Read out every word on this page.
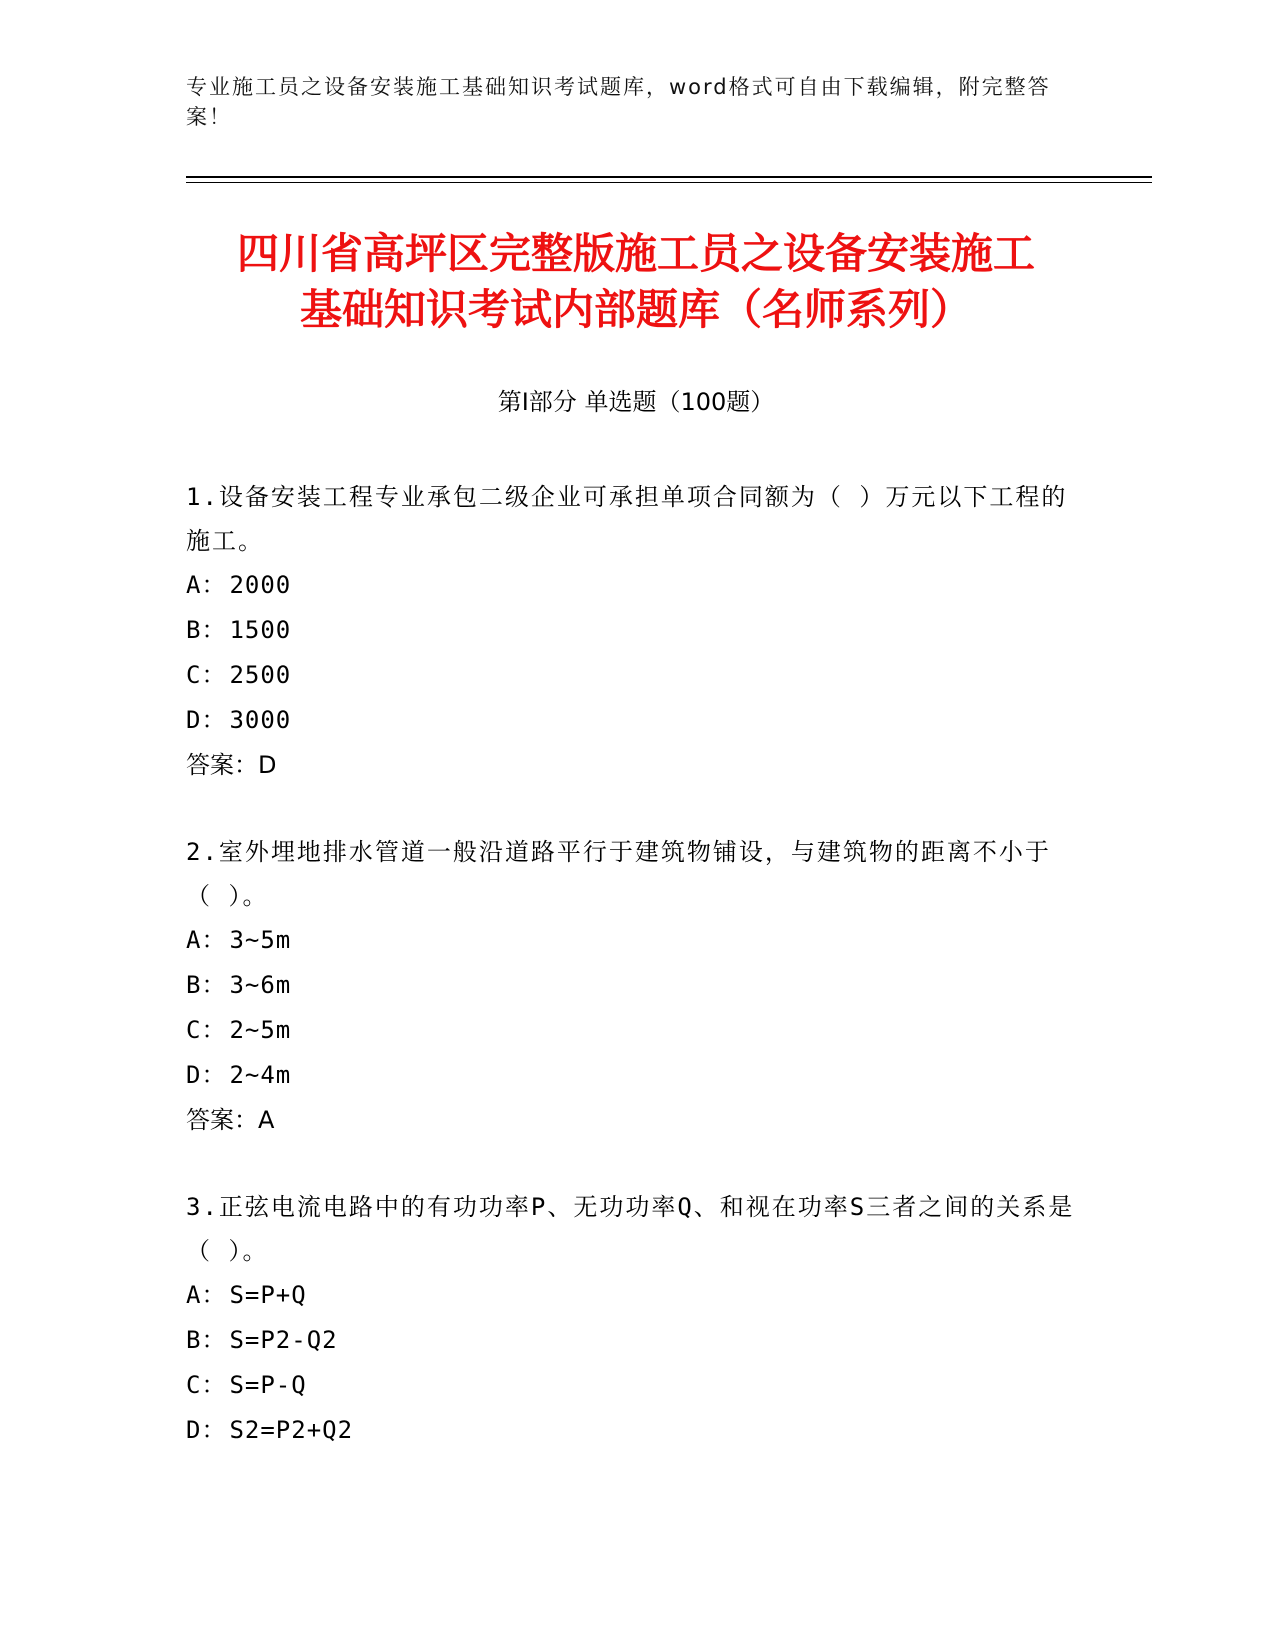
专业施工员之设备安装施工基础知识考试题库，word格式可自由下载编辑，附完整答案！
四川省高坪区完整版施工员之设备安装施工
基础知识考试内部题库（名师系列）
第Ⅰ部分 单选题（100题）

1.设备安装工程专业承包二级企业可承担单项合同额为（ ）万元以下工程的施工。

A ： 2000
B ： 1500
C ： 2500
D ： 3000
答案：D

2.室外埋地排水管道一般沿道路平行于建筑物铺设，与建筑物的距离不小于（ ）。

A ： 3~5m
B ： 3~6m
C ： 2~5m
D ： 2~4m
答案：A

3.正弦电流电路中的有功功率P、无功功率Q、和视在功率S三者之间的关系是（ ）。

A ： S=P+Q
B ： S=P2-Q2
C ： S=P-Q
D ： S2=P2+Q2
